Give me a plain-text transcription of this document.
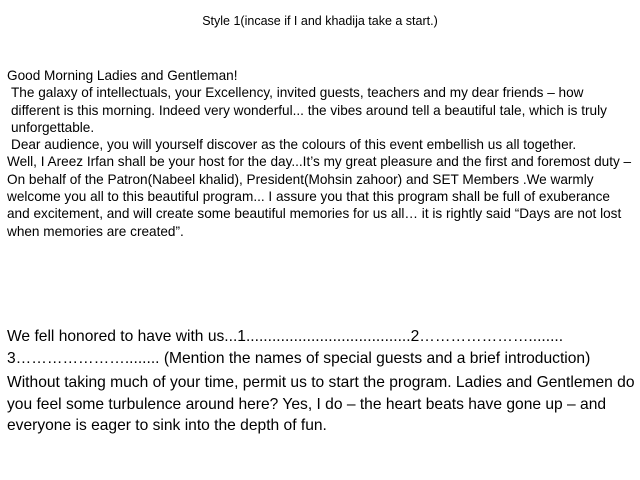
Style 1(incase if I and khadija take a start.)

Good Morning Ladies and Gentleman!

The galaxy of intellectuals, your Excellency, invited guests, teachers and my dear friends – how different is this morning. Indeed very wonderful... the vibes around tell a beautiful tale, which is truly unforgettable.

Dear audience, you will yourself discover as the colours of this event embellish us all together.

Well, I Areez Irfan shall be your host for the day...It’s my great pleasure and the first and foremost duty – On behalf of the Patron(Nabeel khalid), President(Mohsin zahoor) and SET Members .We warmly welcome you all to this beautiful program... I assure you that this program shall be full of exuberance and excitement, and will create some beautiful memories for us all… it is rightly said “Days are not lost when memories are created”.

We fell honored to have with us...1......................................2…………………........ 3…………………........ (Mention the names of special guests and a brief introduction)

Without taking much of your time, permit us to start the program. Ladies and Gentlemen do you feel some turbulence around here? Yes, I do – the heart beats have gone up – and everyone is eager to sink into the depth of fun.
